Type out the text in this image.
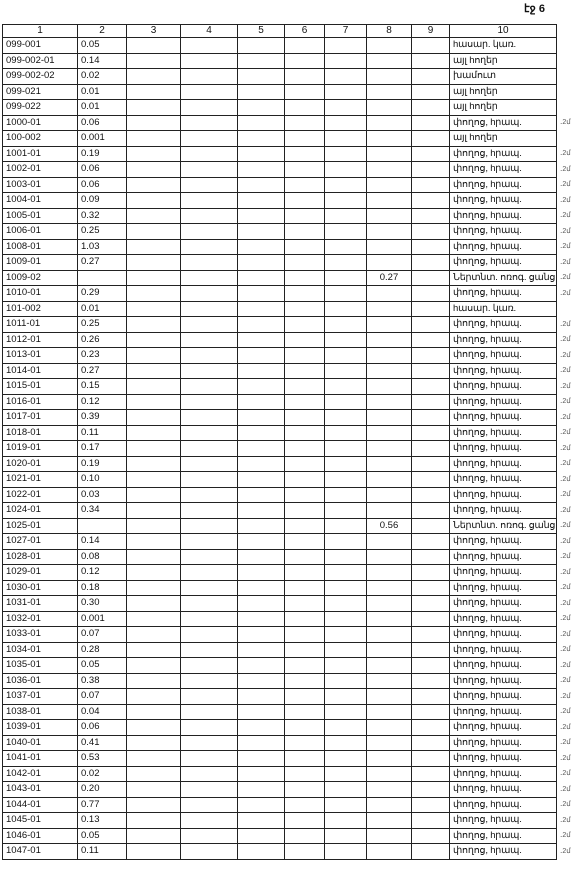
էջ 6
1	2	3	4	5	6	7	8	9	10
099-001	0.05								hասար. կառ.
099-002-01	0.14								այլ hողեր
099-002-02	0.02								խամուտ
099-021	0.01								այլ hողեր
099-022	0.01								այլ hողեր
1000-01	0.06								փողոց, hրապ.
100-002	0.001								այլ hողեր
1001-01	0.19								փողոց, hրապ.
1002-01	0.06								փողոց, hրապ.
1003-01	0.06								փողոց, hրապ.
1004-01	0.09								փողոց, hրապ.
1005-01	0.32								փողոց, hրապ.
1006-01	0.25								փողոց, hրապ.
1008-01	1.03								փողոց, hրապ.
1009-01	0.27								փողոց, hրապ.
1009-02							0.27		Ներտնտ. ոռոգ. ցանց
1010-01	0.29								փողոց, hրապ.
101-002	0.01								hասար. կառ.
1011-01	0.25								փողոց, hրապ.
1012-01	0.26								փողոց, hրապ.
1013-01	0.23								փողոց, hրապ.
1014-01	0.27								փողոց, hրապ.
1015-01	0.15								փողոց, hրապ.
1016-01	0.12								փողոց, hրապ.
1017-01	0.39								փողոց, hրապ.
1018-01	0.11								փողոց, hրապ.
1019-01	0.17								փողոց, hրապ.
1020-01	0.19								փողոց, hրապ.
1021-01	0.10								փողոց, hրապ.
1022-01	0.03								փողոց, hրապ.
1024-01	0.34								փողոց, hրապ.
1025-01							0.56		Ներտնտ. ոռոգ. ցանց
1027-01	0.14								փողոց, hրապ.
1028-01	0.08								փողոց, hրապ.
1029-01	0.12								փողոց, hրապ.
1030-01	0.18								փողոց, hրապ.
1031-01	0.30								փողոց, hրապ.
1032-01	0.001								փողոց, hրապ.
1033-01	0.07								փողոց, hրապ.
1034-01	0.28								փողոց, hրապ.
1035-01	0.05								փողոց, hրապ.
1036-01	0.38								փողոց, hրապ.
1037-01	0.07								փողոց, hրապ.
1038-01	0.04								փողոց, hրապ.
1039-01	0.06								փողոց, hրապ.
1040-01	0.41								փողոց, hրապ.
1041-01	0.53								փողոց, hրապ.
1042-01	0.02								փողոց, hրապ.
1043-01	0.20								փողոց, hրապ.
1044-01	0.77								փողոց, hրապ.
1045-01	0.13								փողոց, hրապ.
1046-01	0.05								փողոց, hրապ.
1047-01	0.11								փողոց, hրապ.
․2մ
․2մ
․2մ
․2մ
․2մ
․2մ
․2մ
․2մ
․2մ
․2մ
․2մ
․2մ
․2մ
․2մ
․2մ
․2մ
․2մ
․2մ
․2մ
․2մ
․2մ
․2մ
․2մ
․2մ
․2մ
․2մ
․2մ
․2մ
․2մ
․2մ
․2մ
․2մ
․2մ
․2մ
․2մ
․2մ
․2մ
․2մ
․2մ
․2մ
․2մ
․2մ
․2մ
․2մ
․2մ
․2մ
